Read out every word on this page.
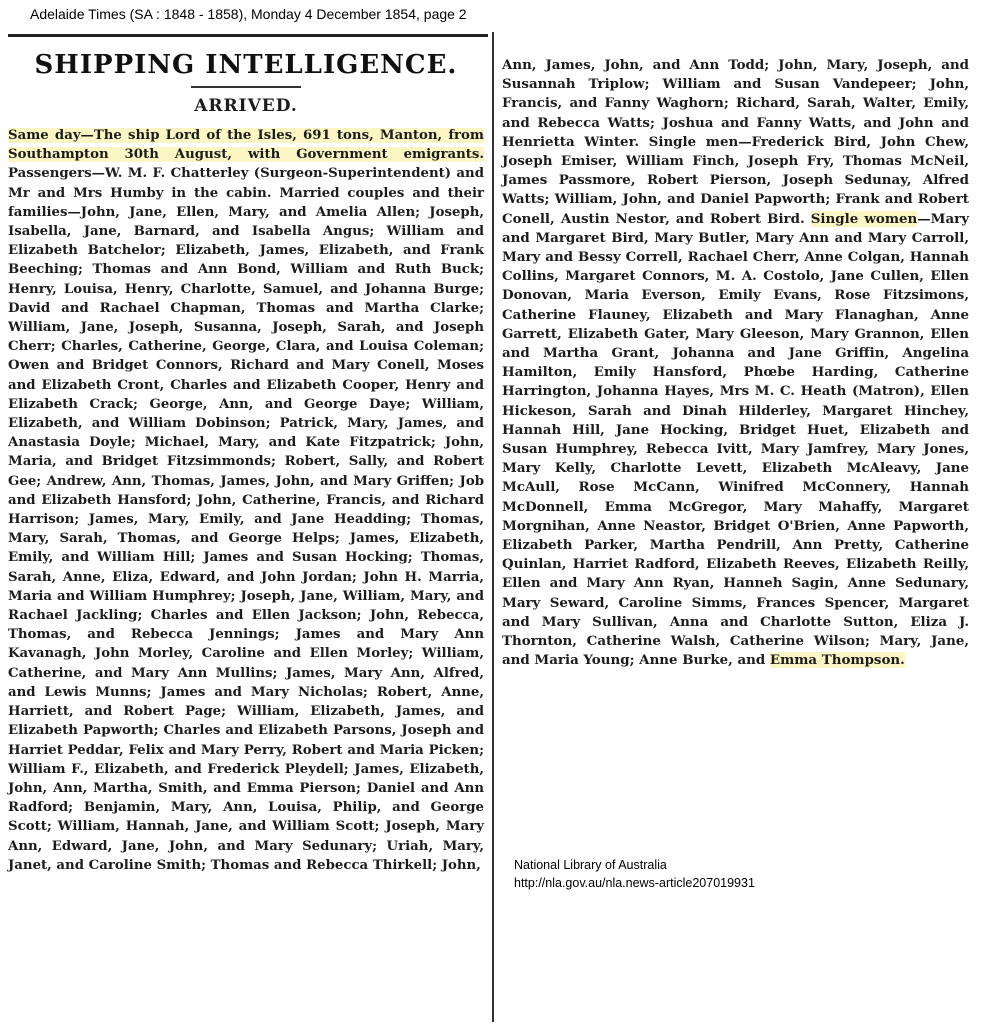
Adelaide Times (SA : 1848 - 1858), Monday 4 December 1854, page 2
SHIPPING INTELLIGENCE.
ARRIVED.

Same day—The ship Lord of the Isles, 691 tons, Manton, from Southampton 30th August, with Government emigrants. Passengers—W. M. F. Chatterley (Surgeon-Superintendent) and Mr and Mrs Humby in the cabin. Married couples and their families—John, Jane, Ellen, Mary, and Amelia Allen; Joseph, Isabella, Jane, Barnard, and Isabella Angus; William and Elizabeth Batchelor; Elizabeth, James, Elizabeth, and Frank Beeching; Thomas and Ann Bond, William and Ruth Buck; Henry, Louisa, Henry, Charlotte, Samuel, and Johanna Burge; David and Rachael Chapman, Thomas and Martha Clarke; William, Jane, Joseph, Susanna, Joseph, Sarah, and Joseph Cherr; Charles, Catherine, George, Clara, and Louisa Coleman; Owen and Bridget Connors, Richard and Mary Conell, Moses and Elizabeth Cront, Charles and Elizabeth Cooper, Henry and Elizabeth Crack; George, Ann, and George Daye; William, Elizabeth, and William Dobinson; Patrick, Mary, James, and Anastasia Doyle; Michael, Mary, and Kate Fitzpatrick; John, Maria, and Bridget Fitzsimmonds; Robert, Sally, and Robert Gee; Andrew, Ann, Thomas, James, John, and Mary Griffen; Job and Elizabeth Hansford; John, Catherine, Francis, and Richard Harrison; James, Mary, Emily, and Jane Headding; Thomas, Mary, Sarah, Thomas, and George Helps; James, Elizabeth, Emily, and William Hill; James and Susan Hocking; Thomas, Sarah, Anne, Eliza, Edward, and John Jordan; John H. Marria, Maria and William Humphrey; Joseph, Jane, William, Mary, and Rachael Jackling; Charles and Ellen Jackson; John, Rebecca, Thomas, and Rebecca Jennings; James and Mary Ann Kavanagh, John Morley, Caroline and Ellen Morley; William, Catherine, and Mary Ann Mullins; James, Mary Ann, Alfred, and Lewis Munns; James and Mary Nicholas; Robert, Anne, Harriett, and Robert Page; William, Elizabeth, James, and Elizabeth Papworth; Charles and Elizabeth Parsons, Joseph and Harriet Peddar, Felix and Mary Perry, Robert and Maria Picken; William F., Elizabeth, and Frederick Pleydell; James, Elizabeth, John, Ann, Martha, Smith, and Emma Pierson; Daniel and Ann Radford; Benjamin, Mary, Ann, Louisa, Philip, and George Scott; William, Hannah, Jane, and William Scott; Joseph, Mary Ann, Edward, Jane, John, and Mary Sedunary; Uriah, Mary, Janet, and Caroline Smith; Thomas and Rebecca Thirkell; John,

Ann, James, John, and Ann Todd; John, Mary, Joseph, and Susannah Triplow; William and Susan Vandepeer; John, Francis, and Fanny Waghorn; Richard, Sarah, Walter, Emily, and Rebecca Watts; Joshua and Fanny Watts, and John and Henrietta Winter. Single men—Frederick Bird, John Chew, Joseph Emiser, William Finch, Joseph Fry, Thomas McNeil, James Passmore, Robert Pierson, Joseph Sedunay, Alfred Watts; William, John, and Daniel Papworth; Frank and Robert Conell, Austin Nestor, and Robert Bird. Single women—Mary and Margaret Bird, Mary Butler, Mary Ann and Mary Carroll, Mary and Bessy Correll, Rachael Cherr, Anne Colgan, Hannah Collins, Margaret Connors, M. A. Costolo, Jane Cullen, Ellen Donovan, Maria Everson, Emily Evans, Rose Fitzsimons, Catherine Flauney, Elizabeth and Mary Flanaghan, Anne Garrett, Elizabeth Gater, Mary Gleeson, Mary Grannon, Ellen and Martha Grant, Johanna and Jane Griffin, Angelina Hamilton, Emily Hansford, Phœbe Harding, Catherine Harrington, Johanna Hayes, Mrs M. C. Heath (Matron), Ellen Hickeson, Sarah and Dinah Hilderley, Margaret Hinchey, Hannah Hill, Jane Hocking, Bridget Huet, Elizabeth and Susan Humphrey, Rebecca Ivitt, Mary Jamfrey, Mary Jones, Mary Kelly, Charlotte Levett, Elizabeth McAleavy, Jane McAull, Rose McCann, Winifred McConnery, Hannah McDonnell, Emma McGregor, Mary Mahaffy, Margaret Morgnihan, Anne Neastor, Bridget O'Brien, Anne Papworth, Elizabeth Parker, Martha Pendrill, Ann Pretty, Catherine Quinlan, Harriet Radford, Elizabeth Reeves, Elizabeth Reilly, Ellen and Mary Ann Ryan, Hanneh Sagin, Anne Sedunary, Mary Seward, Caroline Simms, Frances Spencer, Margaret and Mary Sullivan, Anna and Charlotte Sutton, Eliza J. Thornton, Catherine Walsh, Catherine Wilson; Mary, Jane, and Maria Young; Anne Burke, and Emma Thompson.

National Library of Australia
http://nla.gov.au/nla.news-article207019931
